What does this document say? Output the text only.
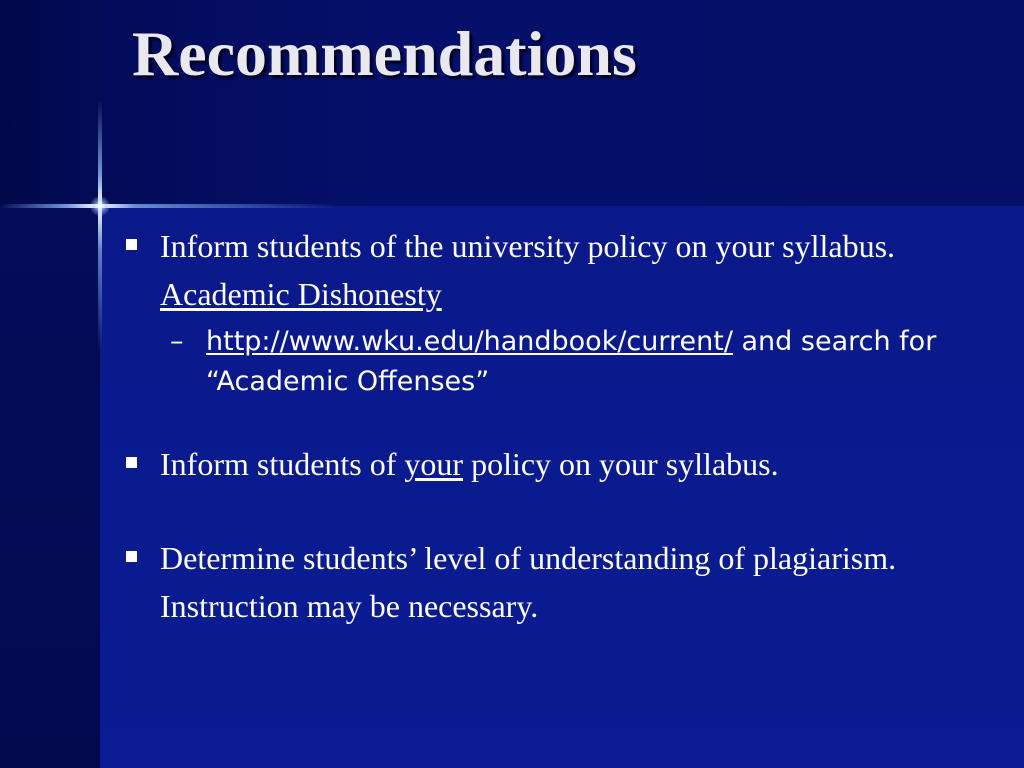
Recommendations
Inform students of the university policy on your syllabus. Academic Dishonesty
– http://www.wku.edu/handbook/current/ and search for “Academic Offenses”
Inform students of your policy on your syllabus.
Determine students’ level of understanding of plagiarism.  Instruction may be necessary.
